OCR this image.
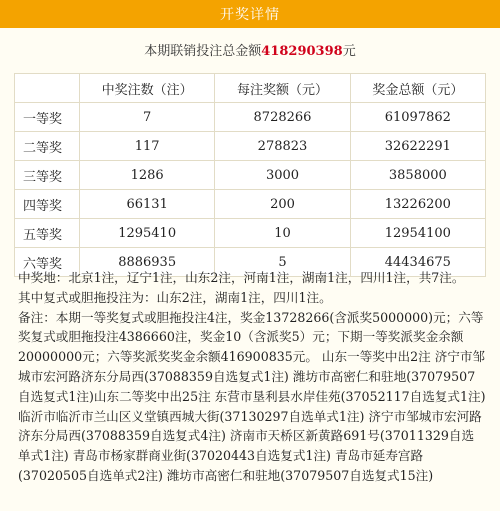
开奖详情
本期联销投注总金额418290398元
	中奖注数（注）	每注奖额（元）	奖金总额（元）
一等奖	7	8728266	61097862
二等奖	117	278823	32622291
三等奖	1286	3000	3858000
四等奖	66131	200	13226200
五等奖	1295410	10	12954100
六等奖	8886935	5	44434675

中奖地：北京1注，辽宁1注，山东2注，河南1注，湖南1注，四川1注，共7注。

其中复式或胆拖投注为：山东2注，湖南1注，四川1注。

备注：本期一等奖复式或胆拖投注4注，奖金13728266(含派奖5000000)元；六等奖复式或胆拖投注4386660注，奖金10（含派奖5）元；下期一等奖派奖金余额20000000元；六等奖派奖奖金余额416900835元。 山东一等奖中出2注 济宁市邹城市宏河路济东分局西(37088359自选复式1注) 潍坊市高密仁和驻地(37079507自选复式1注)山东二等奖中出25注 东营市垦利县水岸佳苑(37052117自选复式1注) 临沂市临沂市兰山区义堂镇西城大街(37130297自选单式1注) 济宁市邹城市宏河路济东分局西(37088359自选复式4注) 济南市天桥区新黄路691号(37011329自选单式1注) 青岛市杨家群商业街(37020443自选复式1注) 青岛市延寿宫路(37020505自选单式2注) 潍坊市高密仁和驻地(37079507自选复式15注)
